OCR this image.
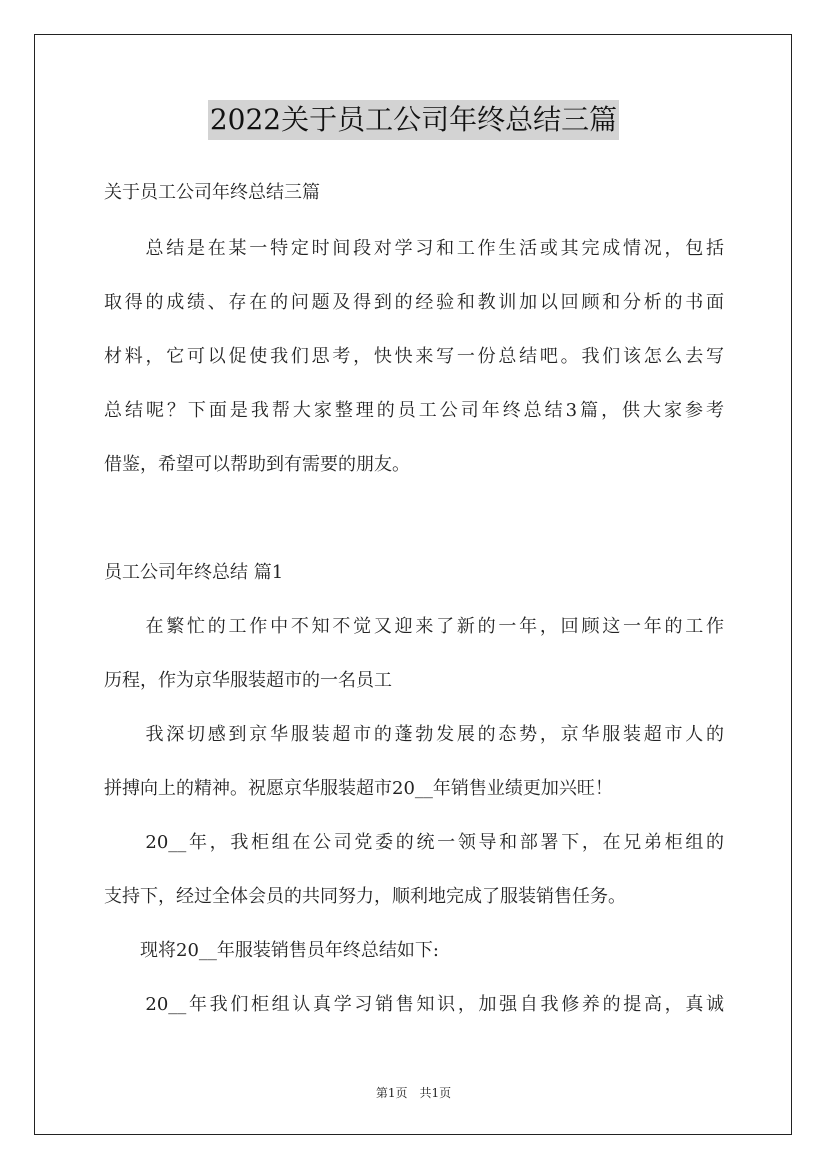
2022关于员工公司年终总结三篇
关于员工公司年终总结三篇
　　总结是在某一特定时间段对学习和工作生活或其完成情况，包括
取得的成绩、存在的问题及得到的经验和教训加以回顾和分析的书面
材料，它可以促使我们思考，快快来写一份总结吧。我们该怎么去写
总结呢？下面是我帮大家整理的员工公司年终总结3篇，供大家参考
借鉴，希望可以帮助到有需要的朋友。
员工公司年终总结 篇1
　　在繁忙的工作中不知不觉又迎来了新的一年，回顾这一年的工作
历程，作为京华服装超市的一名员工
　　我深切感到京华服装超市的蓬勃发展的态势，京华服装超市人的
拼搏向上的精神。祝愿京华服装超市20__年销售业绩更加兴旺！
　　20__年，我柜组在公司党委的统一领导和部署下，在兄弟柜组的
支持下，经过全体会员的共同努力，顺利地完成了服装销售任务。
　　现将20__年服装销售员年终总结如下:
　　20__年我们柜组认真学习销售知识，加强自我修养的提高，真诚
第1页　共1页
